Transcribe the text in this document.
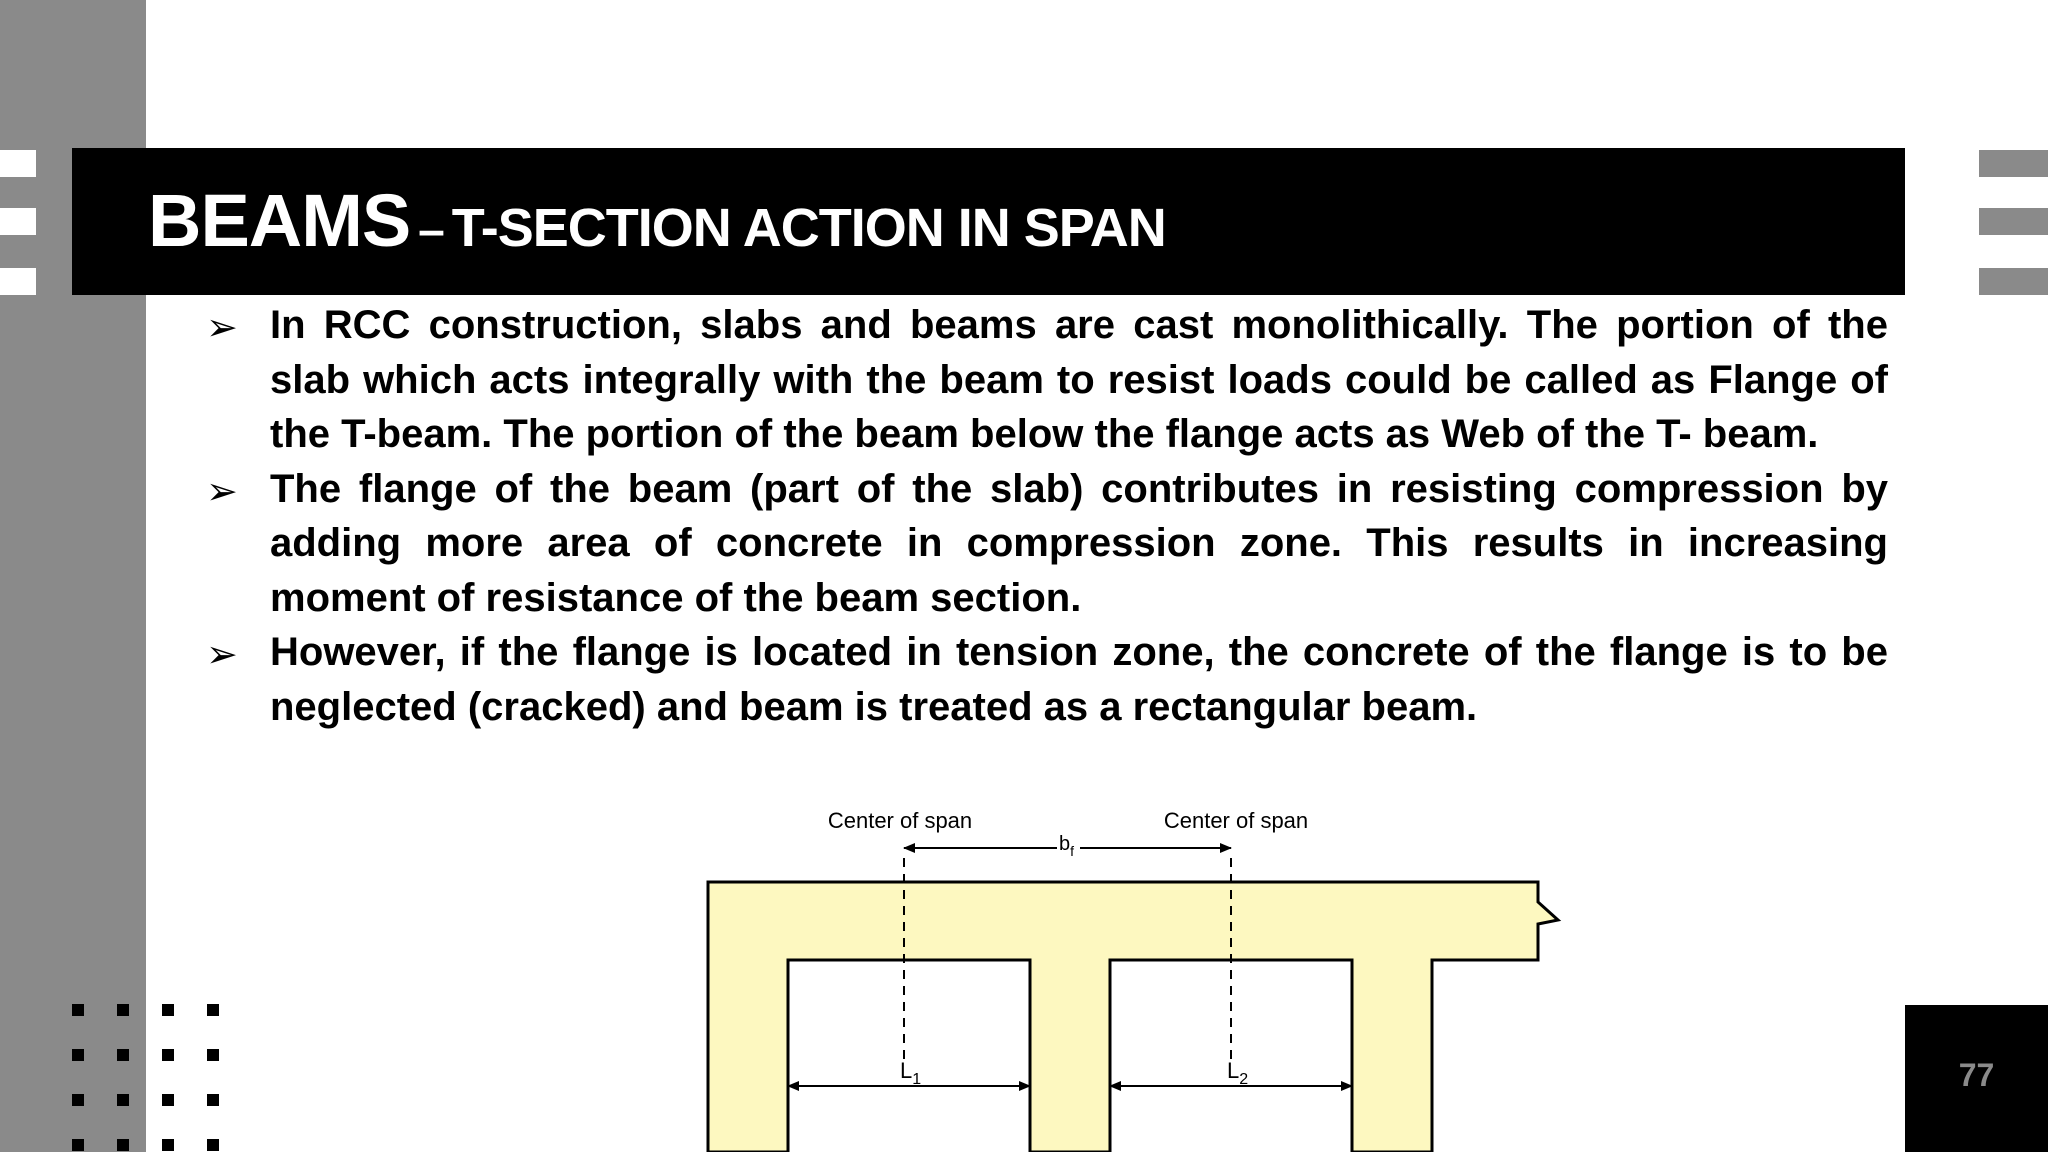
BEAMS – T-SECTION ACTION IN SPAN
➢ In RCC construction, slabs and beams are cast monolithically. The portion of the slab which acts integrally with the beam to resist loads could be called as Flange of the T-beam. The portion of the beam below the flange acts as Web of the T- beam.
➢ The flange of the beam (part of the slab) contributes in resisting compression by adding more area of concrete in compression zone. This results in increasing moment of resistance of the beam section.
➢ However, if the flange is located in tension zone, the concrete of the flange is to be neglected (cracked) and beam is treated as a rectangular beam.
Center of span	Center of span
$b_f$
$L_1$	$L_2$	77
